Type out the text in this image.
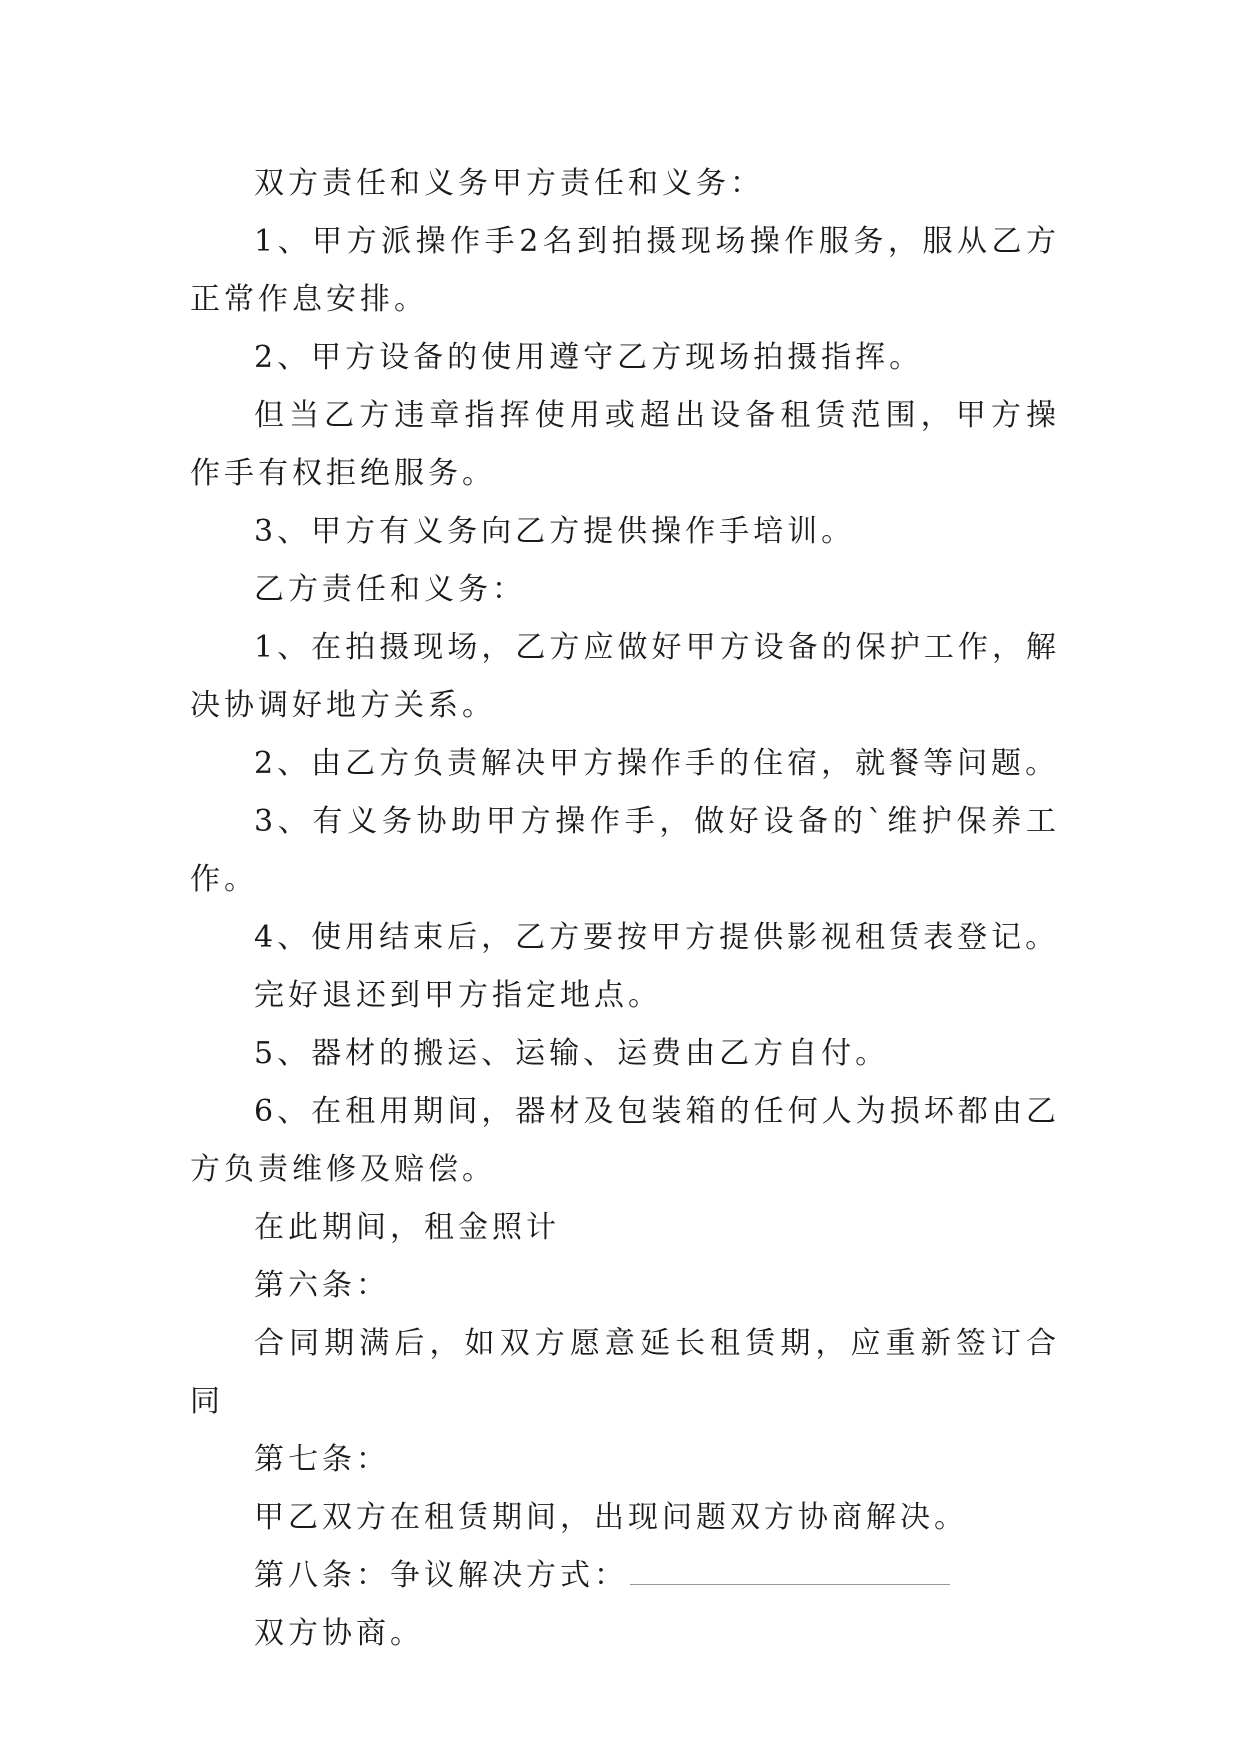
双方责任和义务甲方责任和义务：

1、甲方派操作手2名到拍摄现场操作服务，服从乙方正常作息安排。

2、甲方设备的使用遵守乙方现场拍摄指挥。

但当乙方违章指挥使用或超出设备租赁范围，甲方操作手有权拒绝服务。

3、甲方有义务向乙方提供操作手培训。

乙方责任和义务：

1、在拍摄现场，乙方应做好甲方设备的保护工作，解决协调好地方关系。

2、由乙方负责解决甲方操作手的住宿，就餐等问题。

3、有义务协助甲方操作手，做好设备的`维护保养工作。

4、使用结束后，乙方要按甲方提供影视租赁表登记。

完好退还到甲方指定地点。

5、器材的搬运、运输、运费由乙方自付。

6、在租用期间，器材及包装箱的任何人为损坏都由乙方负责维修及赔偿。

在此期间，租金照计

第六条：

合同期满后，如双方愿意延长租赁期，应重新签订合同

第七条：

甲乙双方在租赁期间，出现问题双方协商解决。

第八条：争议解决方式：

双方协商。
